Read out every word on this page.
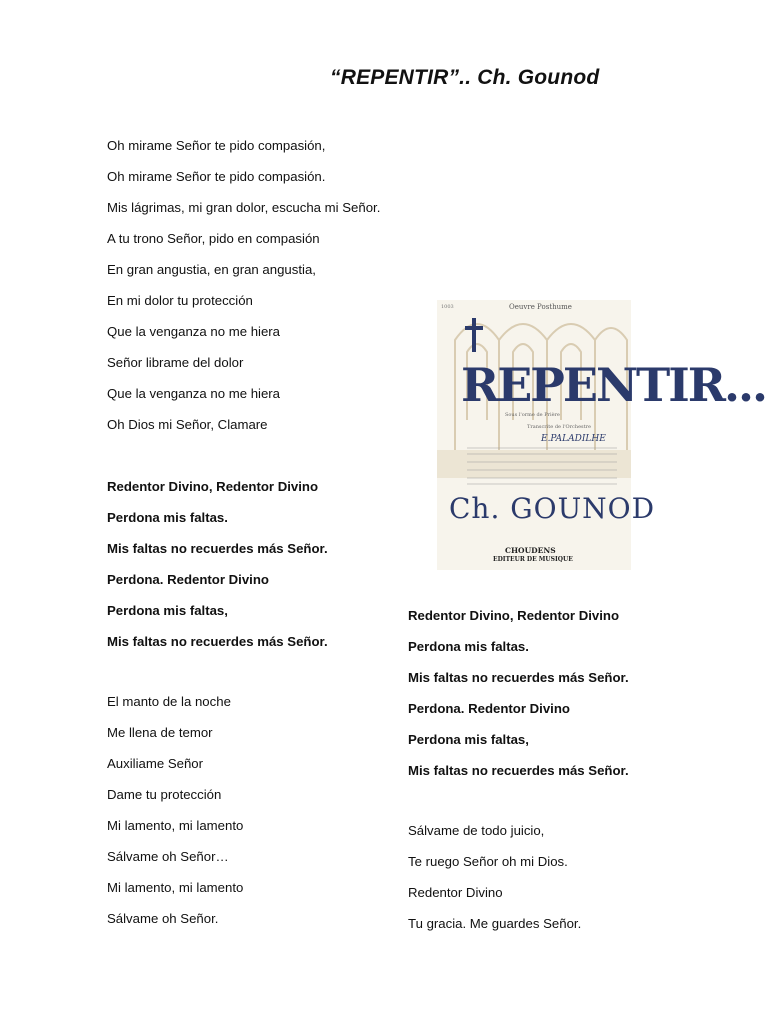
“REPENTIR”.. Ch. Gounod
Oh mirame Señor te pido compasión,
Oh mirame Señor te pido compasión.
Mis lágrimas, mi gran dolor, escucha mi Señor.
A tu trono Señor, pido en compasión
En gran angustia, en gran angustia,
En mi dolor tu protección
Que la venganza no me hiera
Señor librame del dolor
Que la venganza no me hiera
Oh Dios mi Señor, Clamare
Redentor Divino, Redentor Divino
Perdona mis faltas.
Mis faltas no recuerdes más Señor.
Perdona. Redentor Divino
Perdona mis faltas,
Mis faltas no recuerdes más Señor.
El manto de la noche
Me llena de temor
Auxiliame Señor
Dame tu protección
Mi lamento, mi lamento
Sálvame oh Señor…
Mi lamento, mi lamento
Sálvame oh Señor.
Redentor Divino, Redentor Divino
Perdona mis faltas.
Mis faltas no recuerdes más Señor.
Perdona. Redentor Divino
Perdona mis faltas,
Mis faltas no recuerdes más Señor.
Sálvame de todo juicio,
Te ruego Señor oh mi Dios.
Redentor Divino
Tu gracia. Me guardes Señor.
1003	Oeuvre Posthume
REPENTIR...
Sous l'orme de Prière
Transcrite de l'Orchestre
E.PALADILHE
Ch. GOUNOD
CHOUDENS
EDITEUR DE MUSIQUE
